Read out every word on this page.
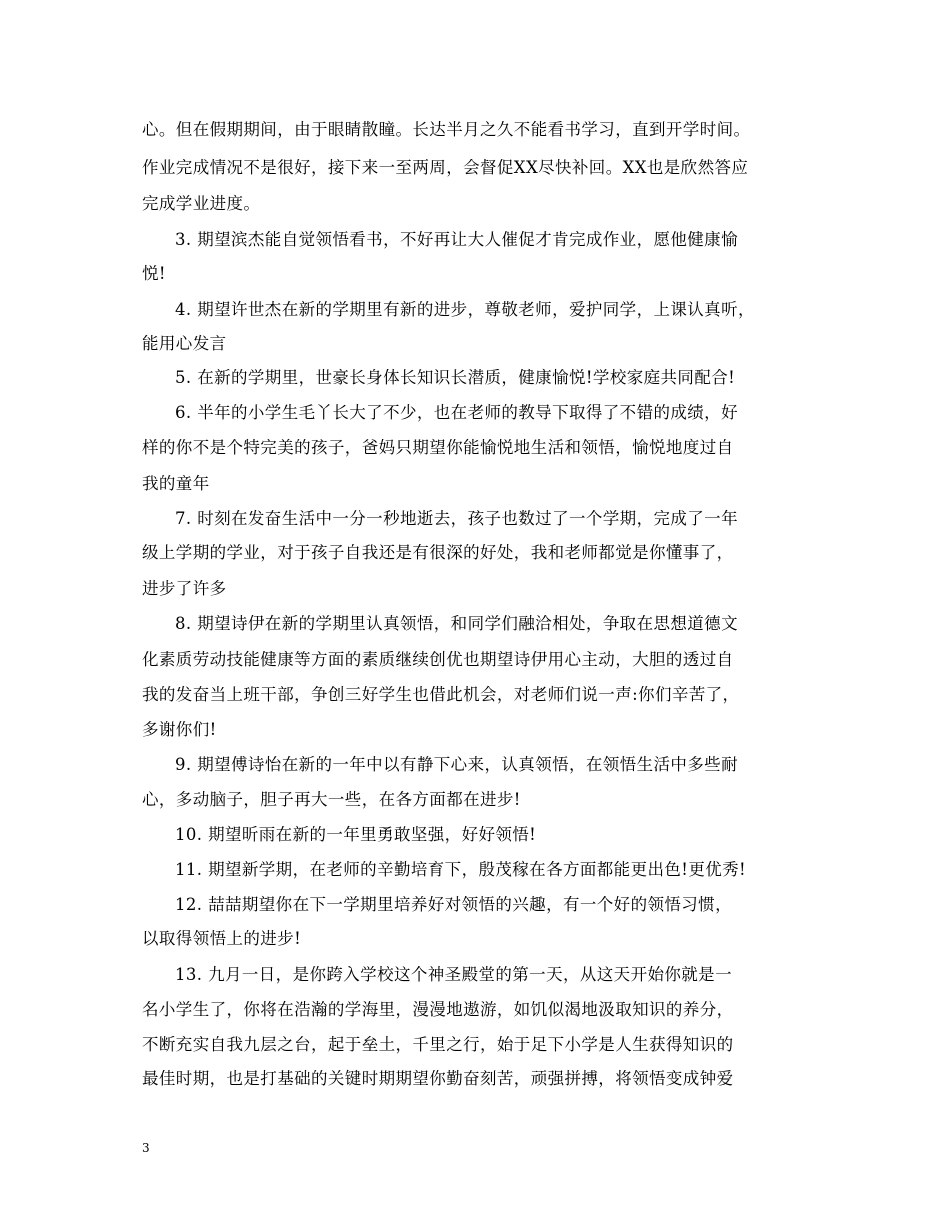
心。但在假期期间，由于眼睛散瞳。长达半月之久不能看书学习，直到开学时间。
作业完成情况不是很好，接下来一至两周，会督促XX尽快补回。XX也是欣然答应
完成学业进度。
3. 期望滨杰能自觉领悟看书，不好再让大人催促才肯完成作业，愿他健康愉
悦!
4. 期望许世杰在新的学期里有新的进步，尊敬老师，爱护同学，上课认真听，
能用心发言
5. 在新的学期里，世豪长身体长知识长潜质，健康愉悦!学校家庭共同配合!
6. 半年的小学生毛丫长大了不少，也在老师的教导下取得了不错的成绩，好
样的你不是个特完美的孩子，爸妈只期望你能愉悦地生活和领悟，愉悦地度过自
我的童年
7. 时刻在发奋生活中一分一秒地逝去，孩子也数过了一个学期，完成了一年
级上学期的学业，对于孩子自我还是有很深的好处，我和老师都觉是你懂事了，
进步了许多
8. 期望诗伊在新的学期里认真领悟，和同学们融洽相处，争取在思想道德文
化素质劳动技能健康等方面的素质继续创优也期望诗伊用心主动，大胆的透过自
我的发奋当上班干部，争创三好学生也借此机会，对老师们说一声:你们辛苦了，
多谢你们!
9. 期望傅诗怡在新的一年中以有静下心来，认真领悟，在领悟生活中多些耐
心，多动脑子，胆子再大一些，在各方面都在进步!
10. 期望昕雨在新的一年里勇敢坚强，好好领悟!
11. 期望新学期，在老师的辛勤培育下，殷茂稼在各方面都能更出色!更优秀!
12. 喆喆期望你在下一学期里培养好对领悟的兴趣，有一个好的领悟习惯，
以取得领悟上的进步!
13. 九月一日，是你跨入学校这个神圣殿堂的第一天，从这天开始你就是一
名小学生了，你将在浩瀚的学海里，漫漫地遨游，如饥似渴地汲取知识的养分，
不断充实自我九层之台，起于垒土，千里之行，始于足下小学是人生获得知识的
最佳时期，也是打基础的关键时期期望你勤奋刻苦，顽强拼搏，将领悟变成钟爱
3
